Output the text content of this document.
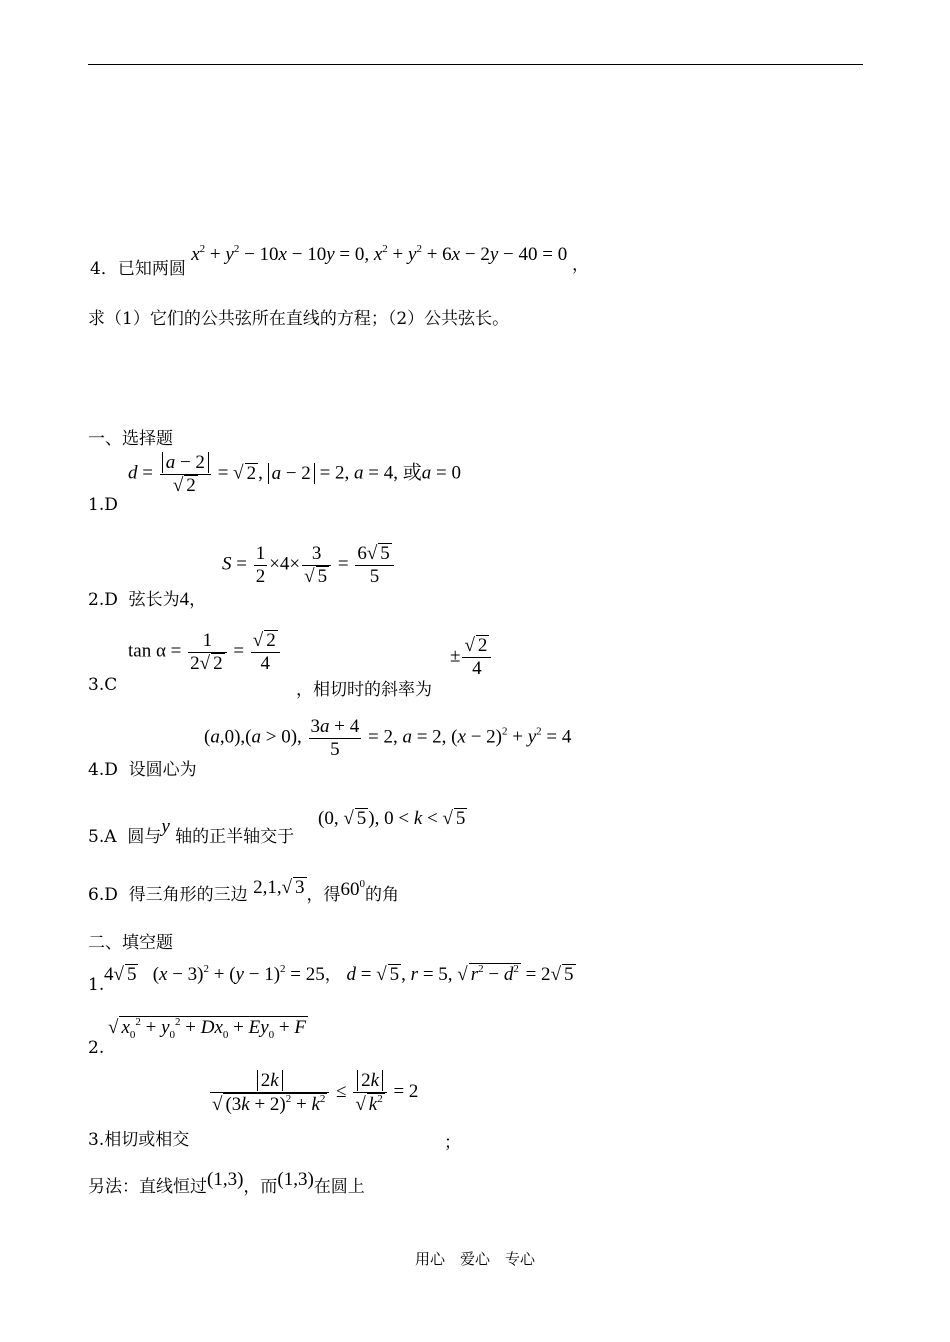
4．已知两圆 $x^2 + y^2 - 10x - 10y = 0$, $x^2 + y^2 + 6x - 2y - 40 = 0$ ，
求（1）它们的公共弦所在直线的方程；（2）公共弦长。
一、选择题
1.D
$d = \frac{a - 2}{√ 2}$ = √ 2 , a − 2 = 2, a = 4, 或a = 0
2.D 弦长为4，
$S = \frac{1}{2} \times 4\times \frac{3}{√ 5} = \frac{6√ 5}{5}$
3.C
$\tan \alpha = \frac{1}{2√ 2} = \frac{√ 2}{4}$
，相切时的斜率为
± $\frac{√ 2}{4}$
4.D 设圆心为
(a,0),(a > 0), $\frac{3a + 4}{5} = 2$, a = 2, $(x - 2)^2 + y^2 = 4$
5.A 圆与y 轴的正半轴交于
(0, √ 5 ), 0 < k < √ 5
6.D 得三角形的三边 2,1,√ 3 ，得$60^0$的角
二、填空题
1. 4√ 5   $(x - 3)^2 + (y - 1)^2 = 25$， d = √ 5 , r = 5, √ $r^2 - d^2 = 2√$ 5
2.
√ $x_0^2 + y_0^2 + Dx_0 + Ey_0 + F$
3.相切或相交
$\frac{2k}{√ (3k + 2)^2 + k^2} \le \frac{2k}{√ k^2} = 2$
；
另法：直线恒过(1,3)，而(1,3)在圆上
用心　爱心　专心
